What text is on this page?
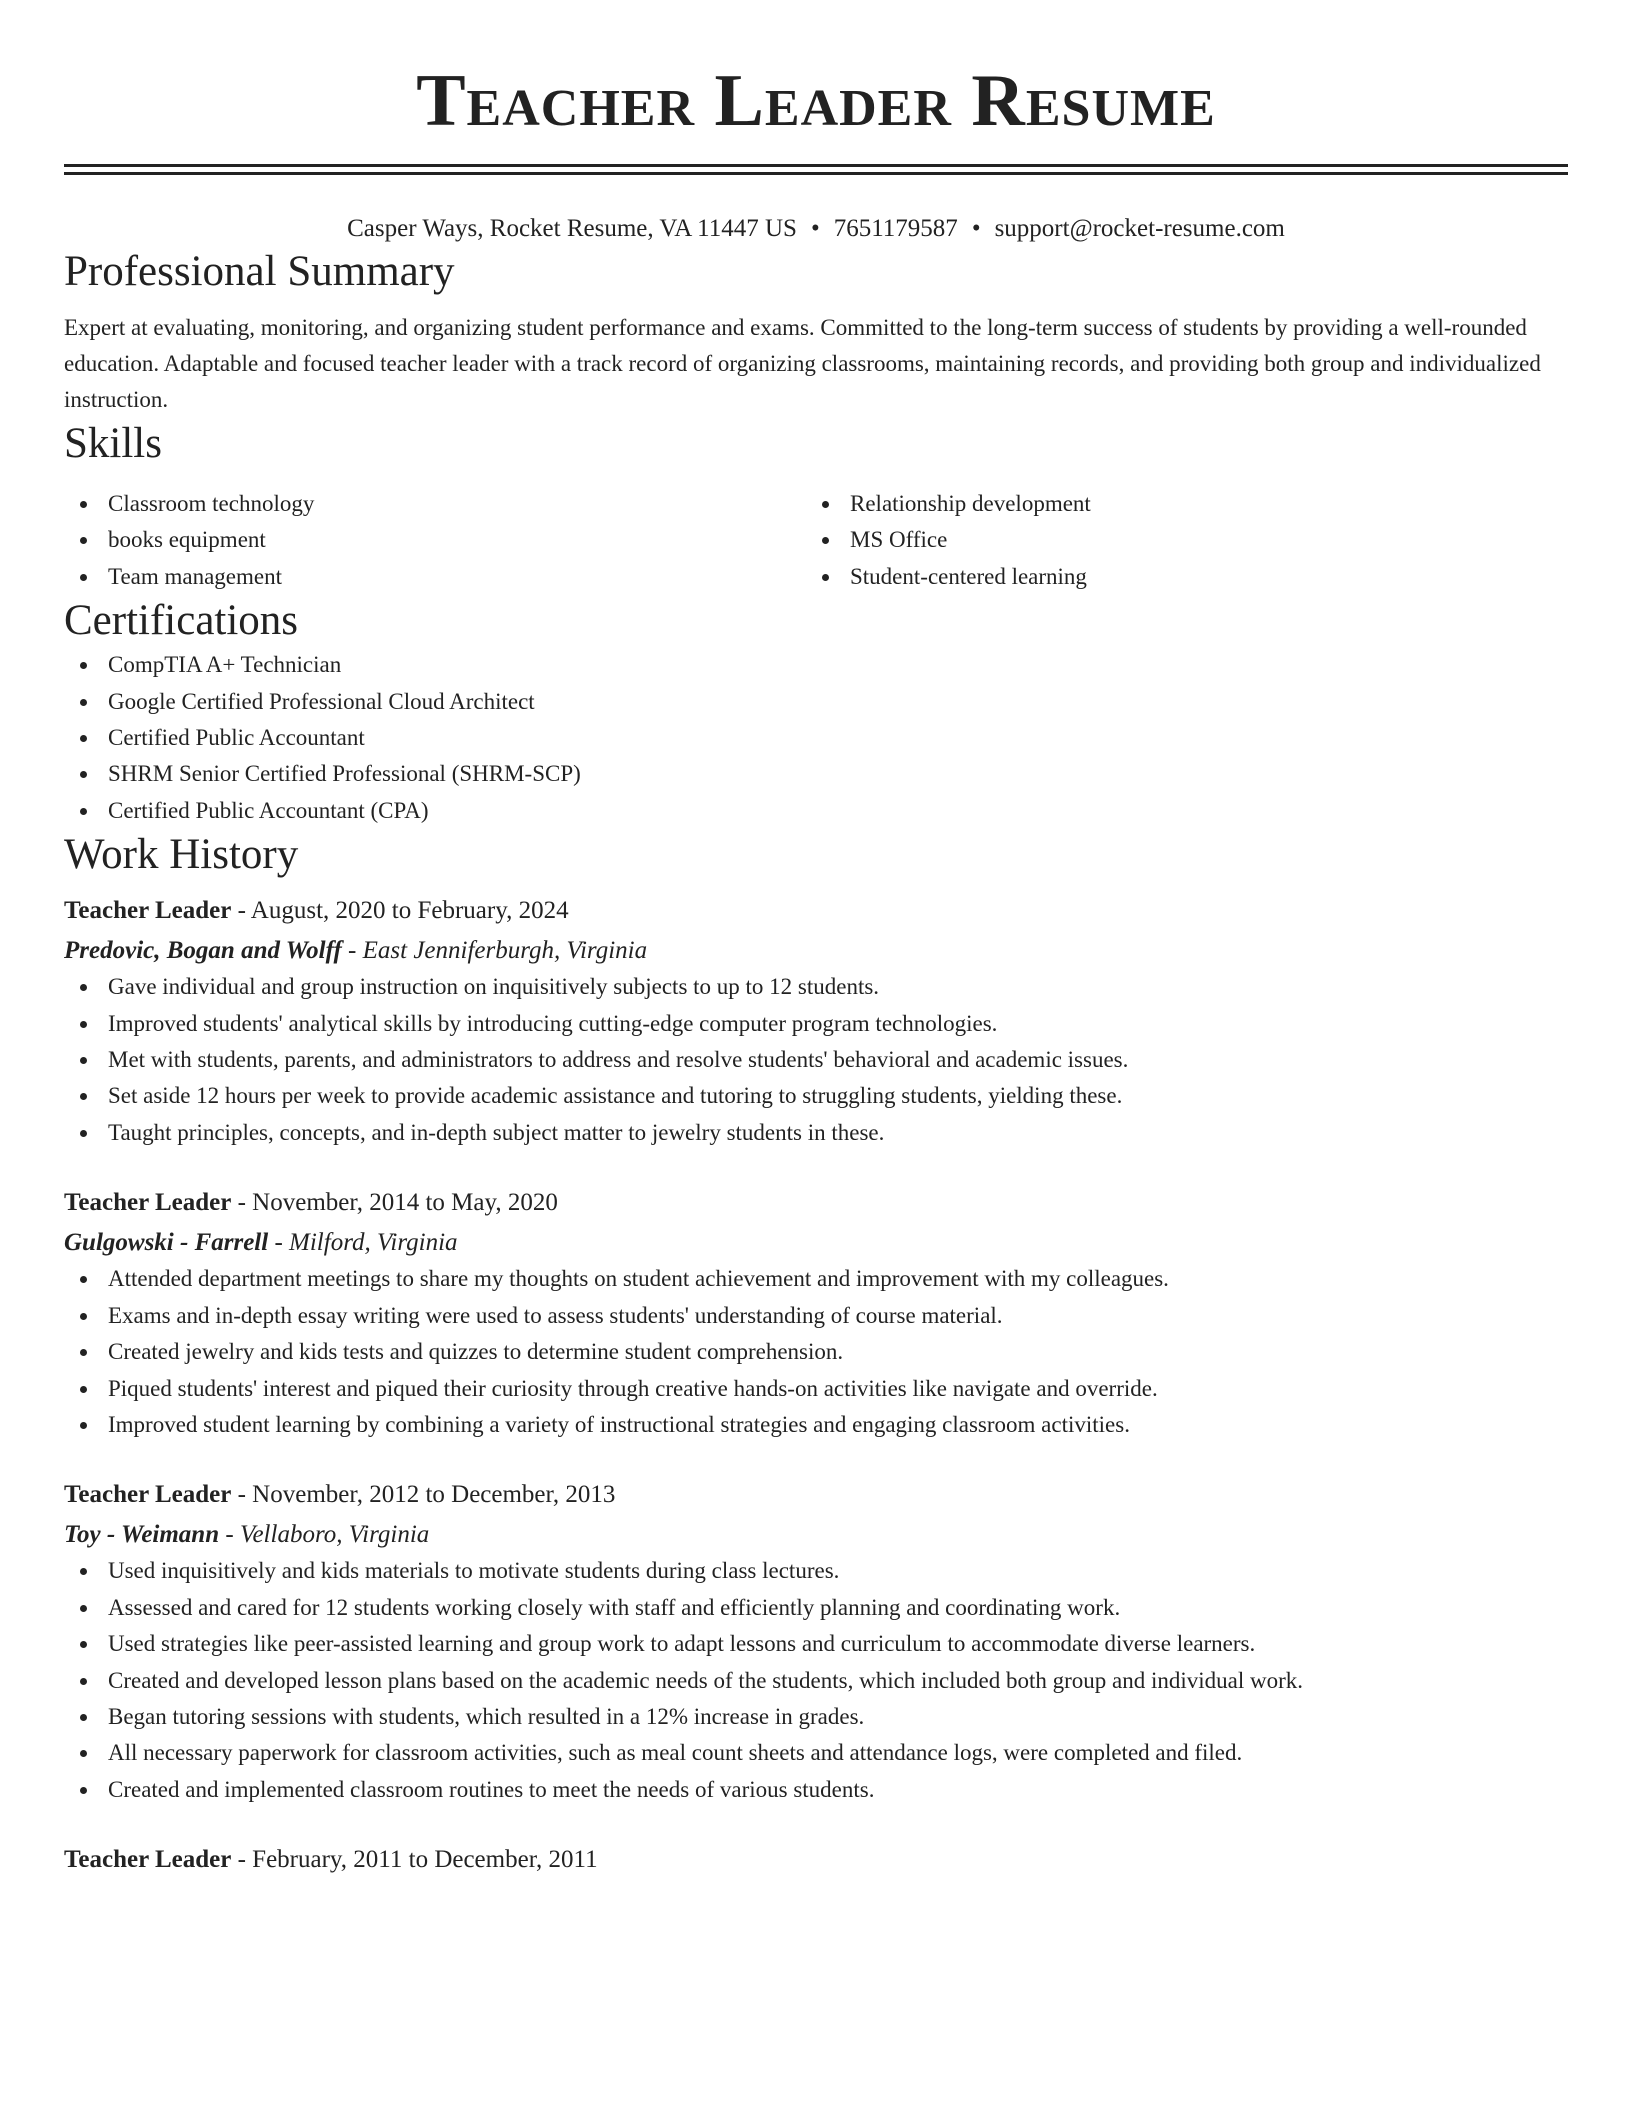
Teacher Leader Resume
Casper Ways, Rocket Resume, VA 11447 US • 7651179587 • support@rocket-resume.com
Professional Summary
Expert at evaluating, monitoring, and organizing student performance and exams. Committed to the long-term success of students by providing a well-rounded education. Adaptable and focused teacher leader with a track record of organizing classrooms, maintaining records, and providing both group and individualized instruction.
Skills
Classroom technology
books equipment
Team management
Relationship development
MS Office
Student-centered learning
Certifications
CompTIA A+ Technician
Google Certified Professional Cloud Architect
Certified Public Accountant
SHRM Senior Certified Professional (SHRM-SCP)
Certified Public Accountant (CPA)
Work History
Teacher Leader - August, 2020 to February, 2024
Predovic, Bogan and Wolff - East Jenniferburgh, Virginia
Gave individual and group instruction on inquisitively subjects to up to 12 students.
Improved students' analytical skills by introducing cutting-edge computer program technologies.
Met with students, parents, and administrators to address and resolve students' behavioral and academic issues.
Set aside 12 hours per week to provide academic assistance and tutoring to struggling students, yielding these.
Taught principles, concepts, and in-depth subject matter to jewelry students in these.
Teacher Leader - November, 2014 to May, 2020
Gulgowski - Farrell - Milford, Virginia
Attended department meetings to share my thoughts on student achievement and improvement with my colleagues.
Exams and in-depth essay writing were used to assess students' understanding of course material.
Created jewelry and kids tests and quizzes to determine student comprehension.
Piqued students' interest and piqued their curiosity through creative hands-on activities like navigate and override.
Improved student learning by combining a variety of instructional strategies and engaging classroom activities.
Teacher Leader - November, 2012 to December, 2013
Toy - Weimann - Vellaboro, Virginia
Used inquisitively and kids materials to motivate students during class lectures.
Assessed and cared for 12 students working closely with staff and efficiently planning and coordinating work.
Used strategies like peer-assisted learning and group work to adapt lessons and curriculum to accommodate diverse learners.
Created and developed lesson plans based on the academic needs of the students, which included both group and individual work.
Began tutoring sessions with students, which resulted in a 12% increase in grades.
All necessary paperwork for classroom activities, such as meal count sheets and attendance logs, were completed and filed.
Created and implemented classroom routines to meet the needs of various students.
Teacher Leader - February, 2011 to December, 2011
